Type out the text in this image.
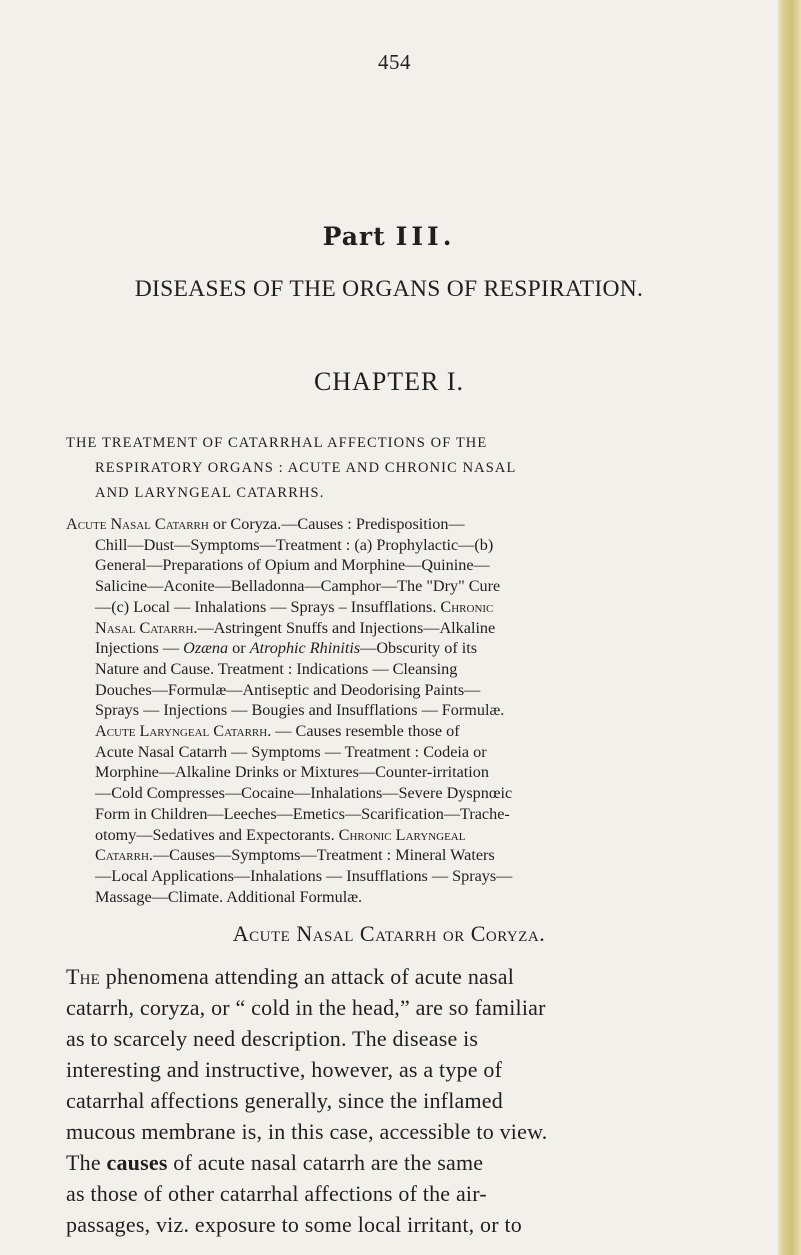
454
Part III.
DISEASES OF THE ORGANS OF RESPIRATION.
CHAPTER I.
THE TREATMENT OF CATARRHAL AFFECTIONS OF THE
RESPIRATORY ORGANS : ACUTE AND CHRONIC NASAL
AND LARYNGEAL CATARRHS.
Acute Nasal Catarrh or Coryza.—Causes : Predisposition—
Chill—Dust—Symptoms—Treatment : (a) Prophylactic—(b)
General—Preparations of Opium and Morphine—Quinine—
Salicine—Aconite—Belladonna—Camphor—The "Dry" Cure
—(c) Local — Inhalations — Sprays – Insufflations. Chronic
Nasal Catarrh.—Astringent Snuffs and Injections—Alkaline
Injections — Ozæna or Atrophic Rhinitis—Obscurity of its
Nature and Cause. Treatment : Indications — Cleansing
Douches—Formulæ—Antiseptic and Deodorising Paints—
Sprays — Injections — Bougies and Insufflations — Formulæ.
Acute Laryngeal Catarrh. — Causes resemble those of
Acute Nasal Catarrh — Symptoms — Treatment : Codeia or
Morphine—Alkaline Drinks or Mixtures—Counter-irritation
—Cold Compresses—Cocaine—Inhalations—Severe Dyspnœic
Form in Children—Leeches—Emetics—Scarification—Trache-
otomy—Sedatives and Expectorants. Chronic Laryngeal
Catarrh.—Causes—Symptoms—Treatment : Mineral Waters
—Local Applications—Inhalations — Insufflations — Sprays—
Massage—Climate. Additional Formulæ.
Acute Nasal Catarrh or Coryza.
The phenomena attending an attack of acute nasal
catarrh, coryza, or “ cold in the head,” are so familiar
as to scarcely need description. The disease is
interesting and instructive, however, as a type of
catarrhal affections generally, since the inflamed
mucous membrane is, in this case, accessible to view.
The causes of acute nasal catarrh are the same
as those of other catarrhal affections of the air-
passages, viz. exposure to some local irritant, or to
